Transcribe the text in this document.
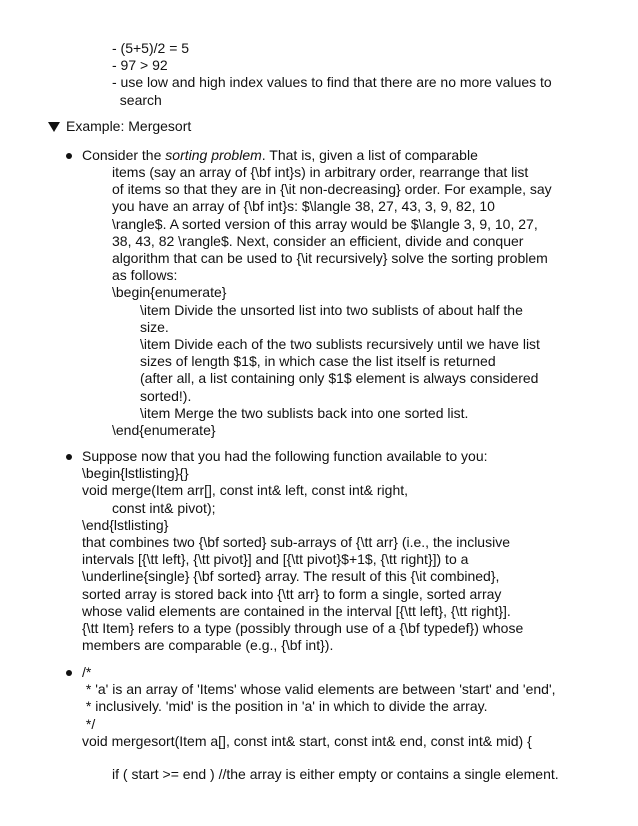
- (5+5)/2 = 5
- 97 > 92
- use low and high index values to find that there are no more values to
search
Example: Mergesort
Consider the sorting problem. That is, given a list of comparable
items (say an array of {\bf int}s) in arbitrary order, rearrange that list
of items so that they are in {\it non-decreasing} order. For example, say
you have an array of {\bf int}s: $\langle 38, 27, 43, 3, 9, 82, 10
\rangle$. A sorted version of this array would be $\langle 3, 9, 10, 27,
38, 43, 82 \rangle$. Next, consider an efficient, divide and conquer
algorithm that can be used to {\it recursively} solve the sorting problem
as follows:
\begin{enumerate}
\item Divide the unsorted list into two sublists of about half the
size.
\item Divide each of the two sublists recursively until we have list
sizes of length $1$, in which case the list itself is returned
(after all, a list containing only $1$ element is always considered
sorted!).
\item Merge the two sublists back into one sorted list.
\end{enumerate}
Suppose now that you had the following function available to you:
\begin{lstlisting}{}
void merge(Item arr[], const int& left, const int& right,
const int& pivot);
\end{lstlisting}
that combines two {\bf sorted} sub-arrays of {\tt arr} (i.e., the inclusive
intervals [{\tt left}, {\tt pivot}] and [{\tt pivot}$+1$, {\tt right}]) to a
\underline{single} {\bf sorted} array. The result of this {\it combined},
sorted array is stored back into {\tt arr} to form a single, sorted array
whose valid elements are contained in the interval [{\tt left}, {\tt right}].
{\tt Item} refers to a type (possibly through use of a {\bf typedef}) whose
members are comparable (e.g., {\bf int}).
/*
* 'a' is an array of 'Items' whose valid elements are between 'start' and 'end',
* inclusively. 'mid' is the position in 'a' in which to divide the array.
*/
void mergesort(Item a[], const int& start, const int& end, const int& mid) {
if ( start >= end ) //the array is either empty or contains a single element.
